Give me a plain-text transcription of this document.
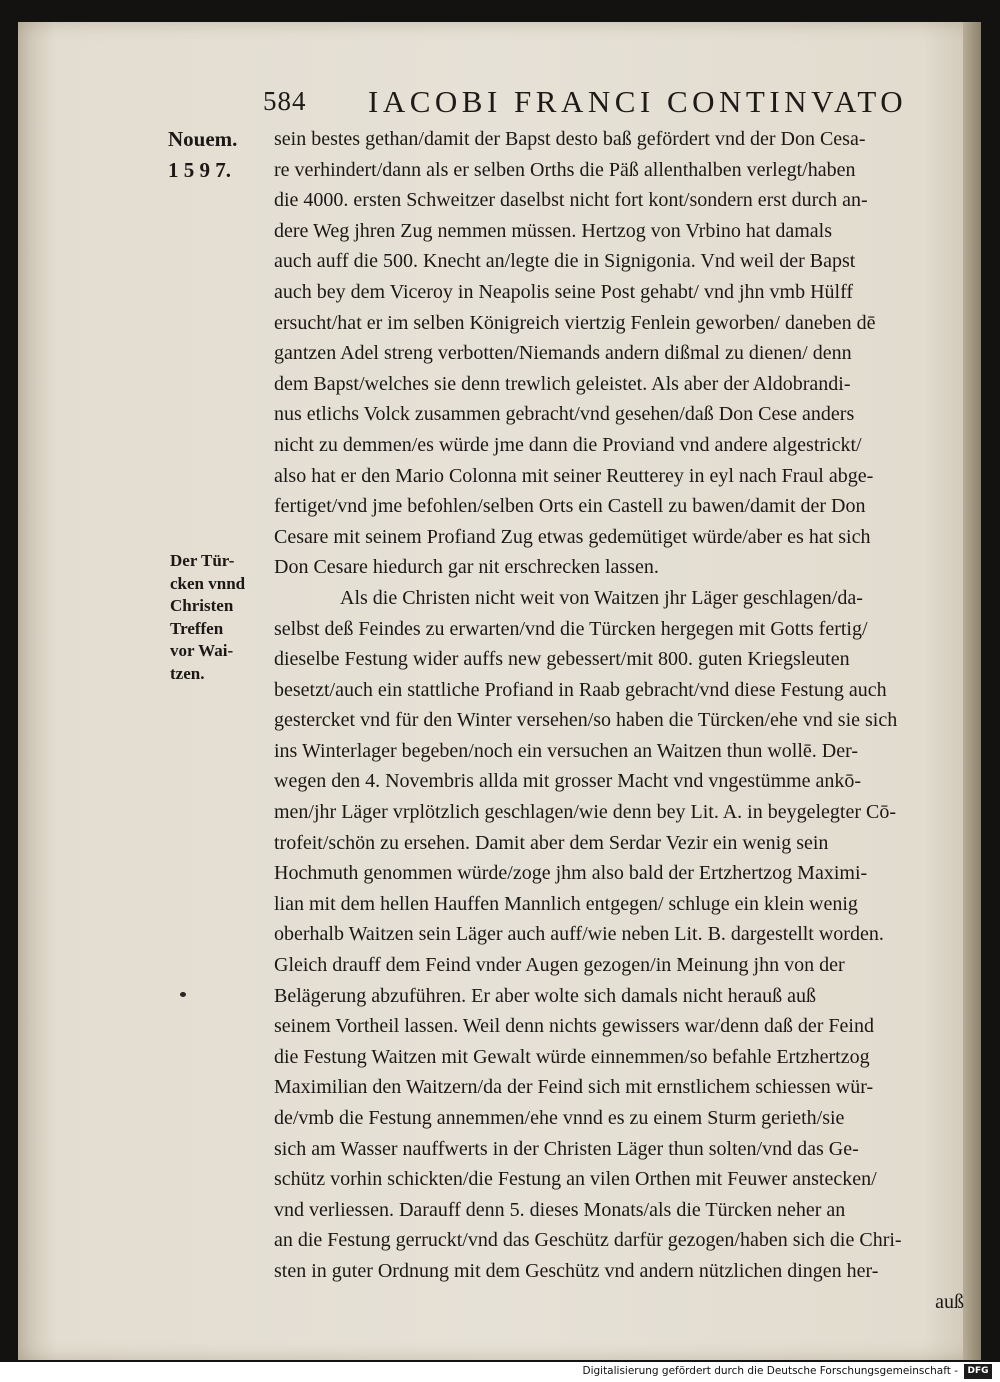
584 IACOBI FRANCI CONTINVATO
Nouem.
1 5 9 7.
Der Tür-
cken vnnd
Christen
Treffen
vor Wai-
tzen.
sein bestes gethan/damit der Bapst desto baß gefördert vnd der Don Cesa-
re verhindert/dann als er selben Orths die Päß allenthalben verlegt/haben
die 4000. ersten Schweitzer daselbst nicht fort kont/sondern erst durch an-
dere Weg jhren Zug nemmen müssen. Hertzog von Vrbino hat damals
auch auff die 500. Knecht an/legte die in Signigonia. Vnd weil der Bapst
auch bey dem Viceroy in Neapolis seine Post gehabt/ vnd jhn vmb Hülff
ersucht/hat er im selben Königreich viertzig Fenlein geworben/ daneben dē
gantzen Adel streng verbotten/Niemands andern dißmal zu dienen/ denn
dem Bapst/welches sie denn trewlich geleistet. Als aber der Aldobrandi-
nus etlichs Volck zusammen gebracht/vnd gesehen/daß Don Cese anders
nicht zu demmen/es würde jme dann die Proviand vnd andere algestrickt/
also hat er den Mario Colonna mit seiner Reutterey in eyl nach Fraul abge-
fertiget/vnd jme befohlen/selben Orts ein Castell zu bawen/damit der Don
Cesare mit seinem Profiand Zug etwas gedemütiget würde/aber es hat sich
Don Cesare hiedurch gar nit erschrecken lassen.
Als die Christen nicht weit von Waitzen jhr Läger geschlagen/da-
selbst deß Feindes zu erwarten/vnd die Türcken hergegen mit Gotts fertig/
dieselbe Festung wider auffs new gebessert/mit 800. guten Kriegsleuten
besetzt/auch ein stattliche Profiand in Raab gebracht/vnd diese Festung auch
gestercket vnd für den Winter versehen/so haben die Türcken/ehe vnd sie sich
ins Winterlager begeben/noch ein versuchen an Waitzen thun wollē. Der-
wegen den 4. Novembris allda mit grosser Macht vnd vngestümme ankō-
men/jhr Läger vrplötzlich geschlagen/wie denn bey Lit. A. in beygelegter Cō-
trofeit/schön zu ersehen. Damit aber dem Serdar Vezir ein wenig sein
Hochmuth genommen würde/zoge jhm also bald der Ertzhertzog Maximi-
lian mit dem hellen Hauffen Mannlich entgegen/ schluge ein klein wenig
oberhalb Waitzen sein Läger auch auff/wie neben Lit. B. dargestellt worden.
Gleich drauff dem Feind vnder Augen gezogen/in Meinung jhn von der
Belägerung abzuführen. Er aber wolte sich damals nicht herauß auß
seinem Vortheil lassen. Weil denn nichts gewissers war/denn daß der Feind
die Festung Waitzen mit Gewalt würde einnemmen/so befahle Ertzhertzog
Maximilian den Waitzern/da der Feind sich mit ernstlichem schiessen wür-
de/vmb die Festung annemmen/ehe vnnd es zu einem Sturm gerieth/sie
sich am Wasser nauffwerts in der Christen Läger thun solten/vnd das Ge-
schütz vorhin schickten/die Festung an vilen Orthen mit Feuwer anstecken/
vnd verliessen. Darauff denn 5. dieses Monats/als die Türcken neher an
an die Festung gerruckt/vnd das Geschütz darfür gezogen/haben sich die Chri-
sten in guter Ordnung mit dem Geschütz vnd andern nützlichen dingen her-
auß
Digitalisierung gefördert durch die Deutsche Forschungsgemeinschaft -	DFG
